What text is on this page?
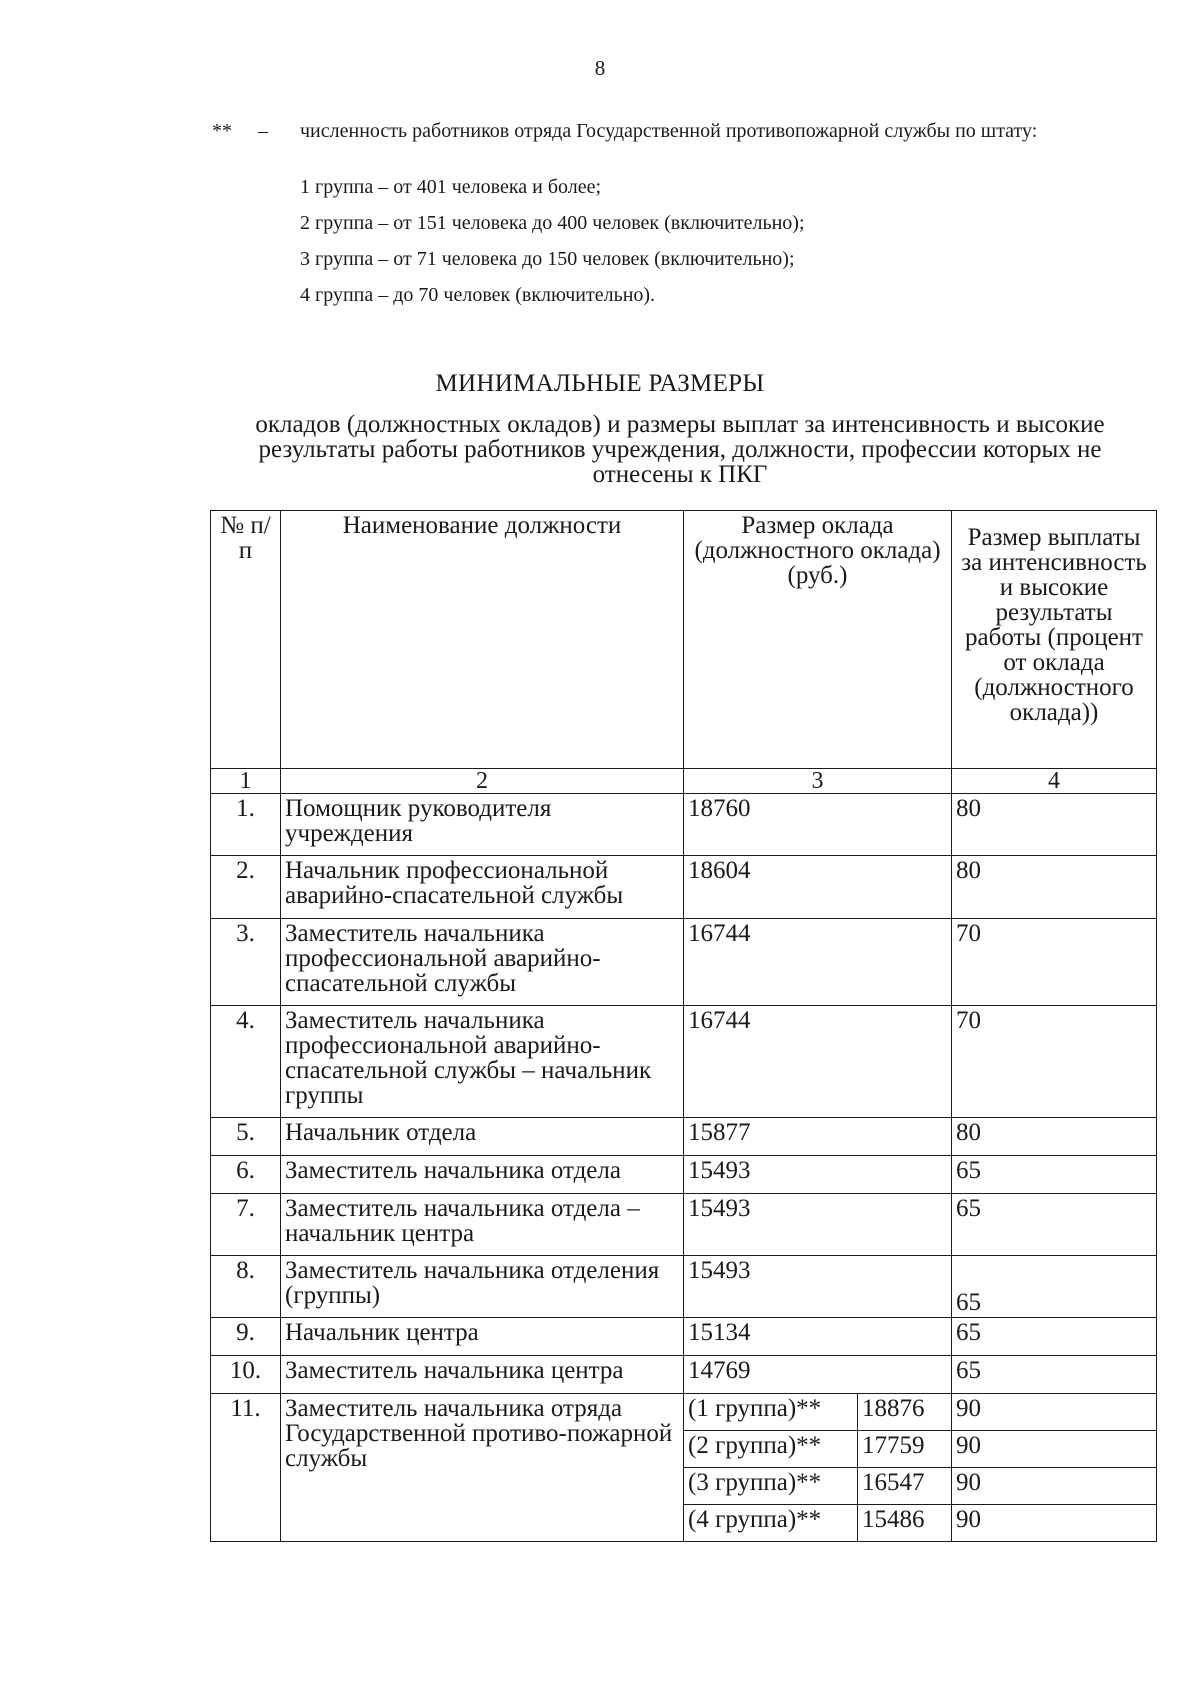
8
** – численность работников отряда Государственной противопожарной службы по штату:
1 группа – от 401 человека и более;
2 группа – от 151 человека до 400 человек (включительно);
3 группа – от 71 человека до 150 человек (включительно);
4 группа – до 70 человек (включительно).
МИНИМАЛЬНЫЕ РАЗМЕРЫ
окладов (должностных окладов) и размеры выплат за интенсивность и высокие результаты работы работников учреждения, должности, профессии которых не отнесены к ПКГ
№ п/п	Наименование должности	Размер оклада (должностного оклада) (руб.)		Размер выплаты за интенсивность и высокие результаты работы (процент от оклада (должностного оклада))
1	2	3		4
1.	Помощник руководителя учреждения	18760		80
2.	Начальник профессиональной аварийно-спасательной службы	18604		80
3.	Заместитель начальника профессиональной аварийно-спасательной службы	16744		70
4.	Заместитель начальника профессиональной аварийно-спасательной службы – начальник группы	16744		70
5.	Начальник отдела	15877		80
6.	Заместитель начальника отдела	15493		65
7.	Заместитель начальника отдела – начальник центра	15493		65
8.	Заместитель начальника отделения (группы)	15493		65
9.	Начальник центра	15134		65
10.	Заместитель начальника центра	14769		65
11.	Заместитель начальника отряда Государственной противо-пожарной службы	(1 группа)**	18876	90
		(2 группа)**	17759	90
		(3 группа)**	16547	90
		(4 группа)**	15486	90
